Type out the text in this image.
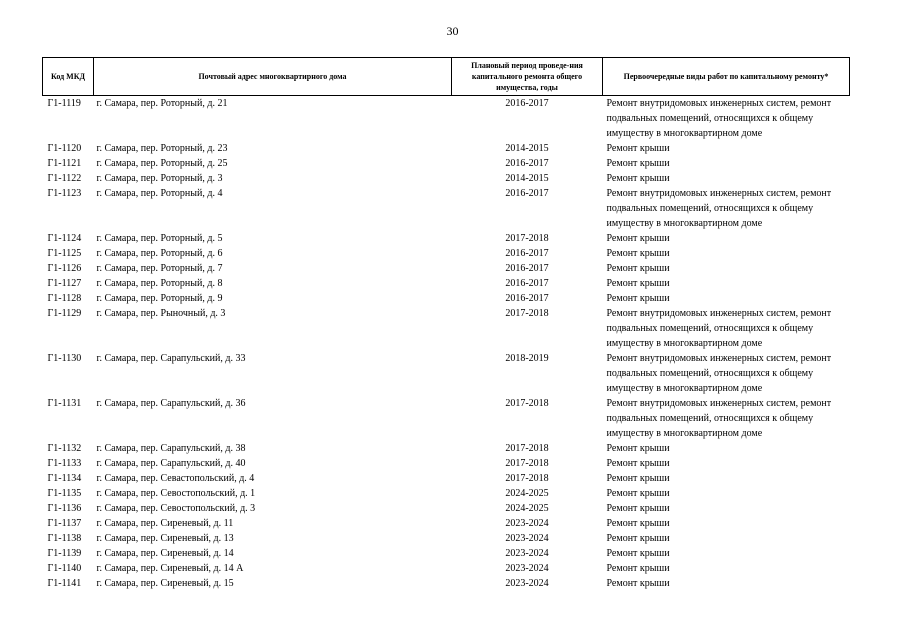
30
Код МКД	Почтовый адрес многоквартирного дома	Плановый период проведе-ния капитального ремонта общего имущества, годы	Первоочередные виды работ по капитальному ремонту*
Г1-1119	г. Самара, пер. Роторный, д. 21	2016-2017	Ремонт внутридомовых инженерных систем, ремонт подвальных помещений, относящихся к общему имуществу в многоквартирном доме
Г1-1120	г. Самара, пер. Роторный, д. 23	2014-2015	Ремонт крыши
Г1-1121	г. Самара, пер. Роторный, д. 25	2016-2017	Ремонт крыши
Г1-1122	г. Самара, пер. Роторный, д. 3	2014-2015	Ремонт крыши
Г1-1123	г. Самара, пер. Роторный, д. 4	2016-2017	Ремонт внутридомовых инженерных систем, ремонт подвальных помещений, относящихся к общему имуществу в многоквартирном доме
Г1-1124	г. Самара, пер. Роторный, д. 5	2017-2018	Ремонт крыши
Г1-1125	г. Самара, пер. Роторный, д. 6	2016-2017	Ремонт крыши
Г1-1126	г. Самара, пер. Роторный, д. 7	2016-2017	Ремонт крыши
Г1-1127	г. Самара, пер. Роторный, д. 8	2016-2017	Ремонт крыши
Г1-1128	г. Самара, пер. Роторный, д. 9	2016-2017	Ремонт крыши
Г1-1129	г. Самара, пер. Рыночный, д. 3	2017-2018	Ремонт внутридомовых инженерных систем, ремонт подвальных помещений, относящихся к общему имуществу в многоквартирном доме
Г1-1130	г. Самара, пер. Сарапульский, д. 33	2018-2019	Ремонт внутридомовых инженерных систем, ремонт подвальных помещений, относящихся к общему имуществу в многоквартирном доме
Г1-1131	г. Самара, пер. Сарапульский, д. 36	2017-2018	Ремонт внутридомовых инженерных систем, ремонт подвальных помещений, относящихся к общему имуществу в многоквартирном доме
Г1-1132	г. Самара, пер. Сарапульский, д. 38	2017-2018	Ремонт крыши
Г1-1133	г. Самара, пер. Сарапульский, д. 40	2017-2018	Ремонт крыши
Г1-1134	г. Самара, пер. Севастопольский, д. 4	2017-2018	Ремонт крыши
Г1-1135	г. Самара, пер. Севостопольский, д. 1	2024-2025	Ремонт крыши
Г1-1136	г. Самара, пер. Севостопольский, д. 3	2024-2025	Ремонт крыши
Г1-1137	г. Самара, пер. Сиреневый, д. 11	2023-2024	Ремонт крыши
Г1-1138	г. Самара, пер. Сиреневый, д. 13	2023-2024	Ремонт крыши
Г1-1139	г. Самара, пер. Сиреневый, д. 14	2023-2024	Ремонт крыши
Г1-1140	г. Самара, пер. Сиреневый, д. 14 А	2023-2024	Ремонт крыши
Г1-1141	г. Самара, пер. Сиреневый, д. 15	2023-2024	Ремонт крыши
